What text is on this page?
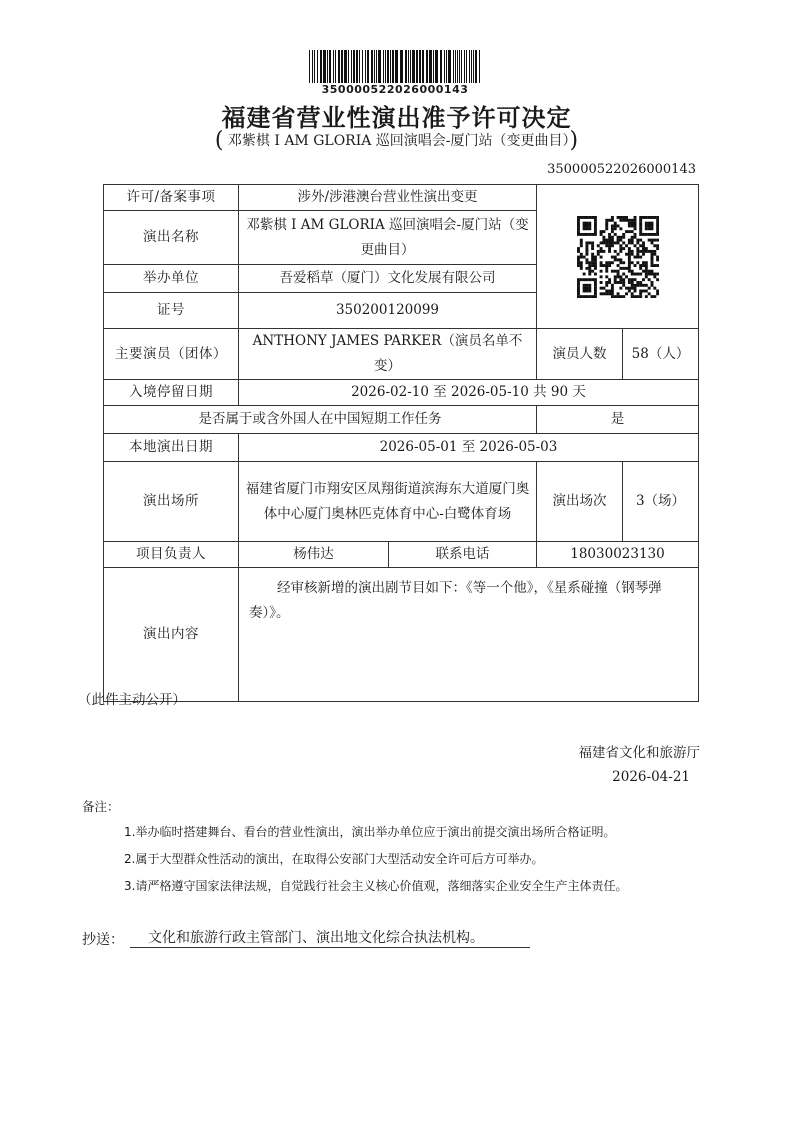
350000522026000143
福建省营业性演出准予许可决定
( 邓紫棋 I AM GLORIA 巡回演唱会-厦门站（变更曲目）)
350000522026000143
许可/备案事项	涉外/涉港澳台营业性演出变更	

演出名称	邓紫棋 I AM GLORIA 巡回演唱会-厦门站（变更曲目）			
举办单位	吾爱稻草（厦门）文化发展有限公司			
证号	350200120099			
主要演员（团体）	ANTHONY JAMES PARKER（演员名单不变）		演员人数	58（人）
入境停留日期	2026-02-10 至 2026-05-10 共 90 天			
是否属于或含外国人在中国短期工作任务			是	
本地演出日期	2026-05-01 至 2026-05-03			
演出场所	福建省厦门市翔安区凤翔街道滨海东大道厦门奥体中心厦门奥林匹克体育中心-白鹭体育场		演出场次	3（场）
项目负责人	杨伟达	联系电话	18030023130	
演出内容	经审核新增的演出剧节目如下：《等一个他》，《星系碰撞（钢琴弹奏）》。			
（此件主动公开）
福建省文化和旅游厅
2026-04-21
备注：
1.举办临时搭建舞台、看台的营业性演出，演出举办单位应于演出前提交演出场所合格证明。
2.属于大型群众性活动的演出，在取得公安部门大型活动安全许可后方可举办。
3.请严格遵守国家法律法规，自觉践行社会主义核心价值观，落细落实企业安全生产主体责任。
抄送：	文化和旅游行政主管部门、演出地文化综合执法机构。
